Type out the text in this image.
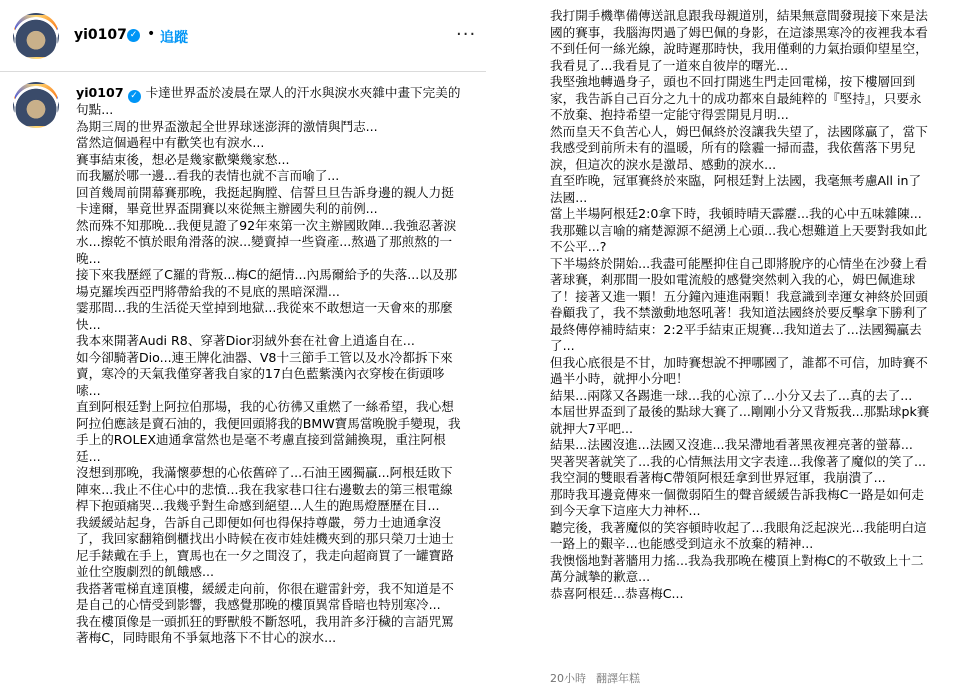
yi0107 ✓ • 追蹤	···
yi0107 ✓ 卡達世界盃於凌晨在眾人的汗水與淚水夾雜中畫下完美的句點...
為期三周的世界盃激起全世界球迷澎湃的激情與鬥志...
當然這個過程中有歡笑也有淚水...
賽事結束後，想必是幾家歡樂幾家愁...
而我屬於哪一邊...看我的表情也就不言而喻了...
回首幾周前開幕賽那晚，我挺起胸膛、信誓旦旦告訴身邊的親人力挺卡達爾，畢竟世界盃開賽以來從無主辦國失利的前例...
然而殊不知那晚...我便見證了92年來第一次主辦國敗陣...我強忍著淚水...擦乾不慎於眼角滑落的淚...變賣掉一些資產...熬過了那煎熬的一晚...
接下來我歷經了C羅的背叛...梅C的絕情...內馬爾給予的失落...以及那場克羅埃西亞門將帶給我的不見底的黑暗深淵...
霎那間...我的生活從天堂掉到地獄...我從來不敢想這一天會來的那麼快...
我本來開著Audi R8、穿著Dior羽絨外套在社會上逍遙自在...
如今卻騎著Dio...連王牌化油器、V8十三節手工管以及水冷都拆下來賣，寒冷的天氣我僅穿著我自家的17白色藍紫漢內衣穿梭在街頭哆嗦...
直到阿根廷對上阿拉伯那場，我的心彷彿又重燃了一絲希望，我心想阿拉伯應該是賣石油的，我便回頭將我的BMW寶馬當晚脫手變現，我手上的ROLEX迪通拿當然也是毫不考慮直接到當鋪換現，重注阿根廷...
沒想到那晚，我滿懷夢想的心依舊碎了...石油王國獨贏...阿根廷敗下陣來...我止不住心中的悲憤...我在我家巷口往右邊數去的第三根電線桿下抱頭痛哭...我幾乎對生命感到絕望...人生的跑馬燈歷歷在目...
我緩緩站起身，告訴自己即便如何也得保持尊嚴，勞力士迪通拿沒了，我回家翻箱倒櫃找出小時候在夜市娃娃機夾到的那只榮刀士迪士尼手錶戴在手上，寶馬也在一夕之間沒了，我走向超商買了一罐寶路並仕空腹劇烈的飢餓感...
我搭著電梯直達頂樓，緩緩走向前，你很在避雷針旁，我不知道是不是自己的心情受到影響，我感覺那晚的樓頂異常昏暗也特別寒冷...
我在樓頂像是一頭抓狂的野獸般不斷怒吼，我用許多汙穢的言語咒罵著梅C，同時眼角不爭氣地落下不甘心的淚水...
我打開手機準備傳送訊息跟我母親道別，結果無意間發現接下來是法國的賽事，我腦海閃過了姆巴佩的身影，在這漆黑寒冷的夜裡我本看不到任何一絲光線，說時遲那時快，我用僅剩的力氣抬頭仰望星空，我看見了...我看見了一道來自彼岸的曙光...
我堅強地轉過身子，頭也不回打開逃生門走回電梯，按下樓層回到家，我告訴自己百分之九十的成功都來自最純粹的『堅持』，只要永不放棄、抱持希望一定能守得雲開見月明...
然而皇天不負苦心人，姆巴佩終於沒讓我失望了，法國隊贏了，當下我感受到前所未有的溫暖，所有的陰霾一掃而盡，我依舊落下男兒淚，但這次的淚水是激昂、感動的淚水...
直至昨晚，冠軍賽終於來臨，阿根廷對上法國，我毫無考慮All in了法國...
當上半場阿根廷2:0拿下時，我頓時晴天霹靂...我的心中五味雜陳...我那難以言喻的痛楚源源不絕湧上心頭...我心想難道上天要對我如此不公平...?
下半場終於開始...我盡可能壓抑住自己即將脫序的心情坐在沙發上看著球賽，剎那間一股如電流般的感覺突然刺入我的心，姆巴佩進球了！接著又進一顆！五分鐘內連進兩顆！我意識到幸運女神終於回頭眷顧我了，我不禁激動地怒吼著！我知道法國終於要反擊拿下勝利了
最終傳停補時結束：2:2平手結束正規賽...我知道去了...法國獨贏去了...
但我心底很是不甘，加時賽想說不押哪國了，誰都不可信，加時賽不過半小時，就押小分吧！
結果...兩隊又各踢進一球...我的心涼了...小分又去了...真的去了...
本屆世界盃到了最後的點球大賽了...剛剛小分又背叛我...那點球pk賽就押大7平吧...
結果...法國沒進...法國又沒進...我呆滯地看著黑夜裡亮著的螢幕...
哭著哭著就笑了...我的心情無法用文字表達...我像著了魔似的笑了...
我空洞的雙眼看著梅C帶領阿根廷拿到世界冠軍，我崩潰了...
那時我耳邊竟傳來一個微弱陌生的聲音緩緩告訴我梅C一路是如何走到今天拿下這座大力神杯...
聽完後，我著魔似的笑容頓時收起了...我眼角泛起淚光...我能明白這一路上的艱辛...也能感受到這永不放棄的精神...
我懊惱地對著牆用力搖...我為我那晚在樓頂上對梅C的不敬致上十二萬分誠摯的歉意...
恭喜阿根廷...恭喜梅C...
20小時 翻譯年糕
